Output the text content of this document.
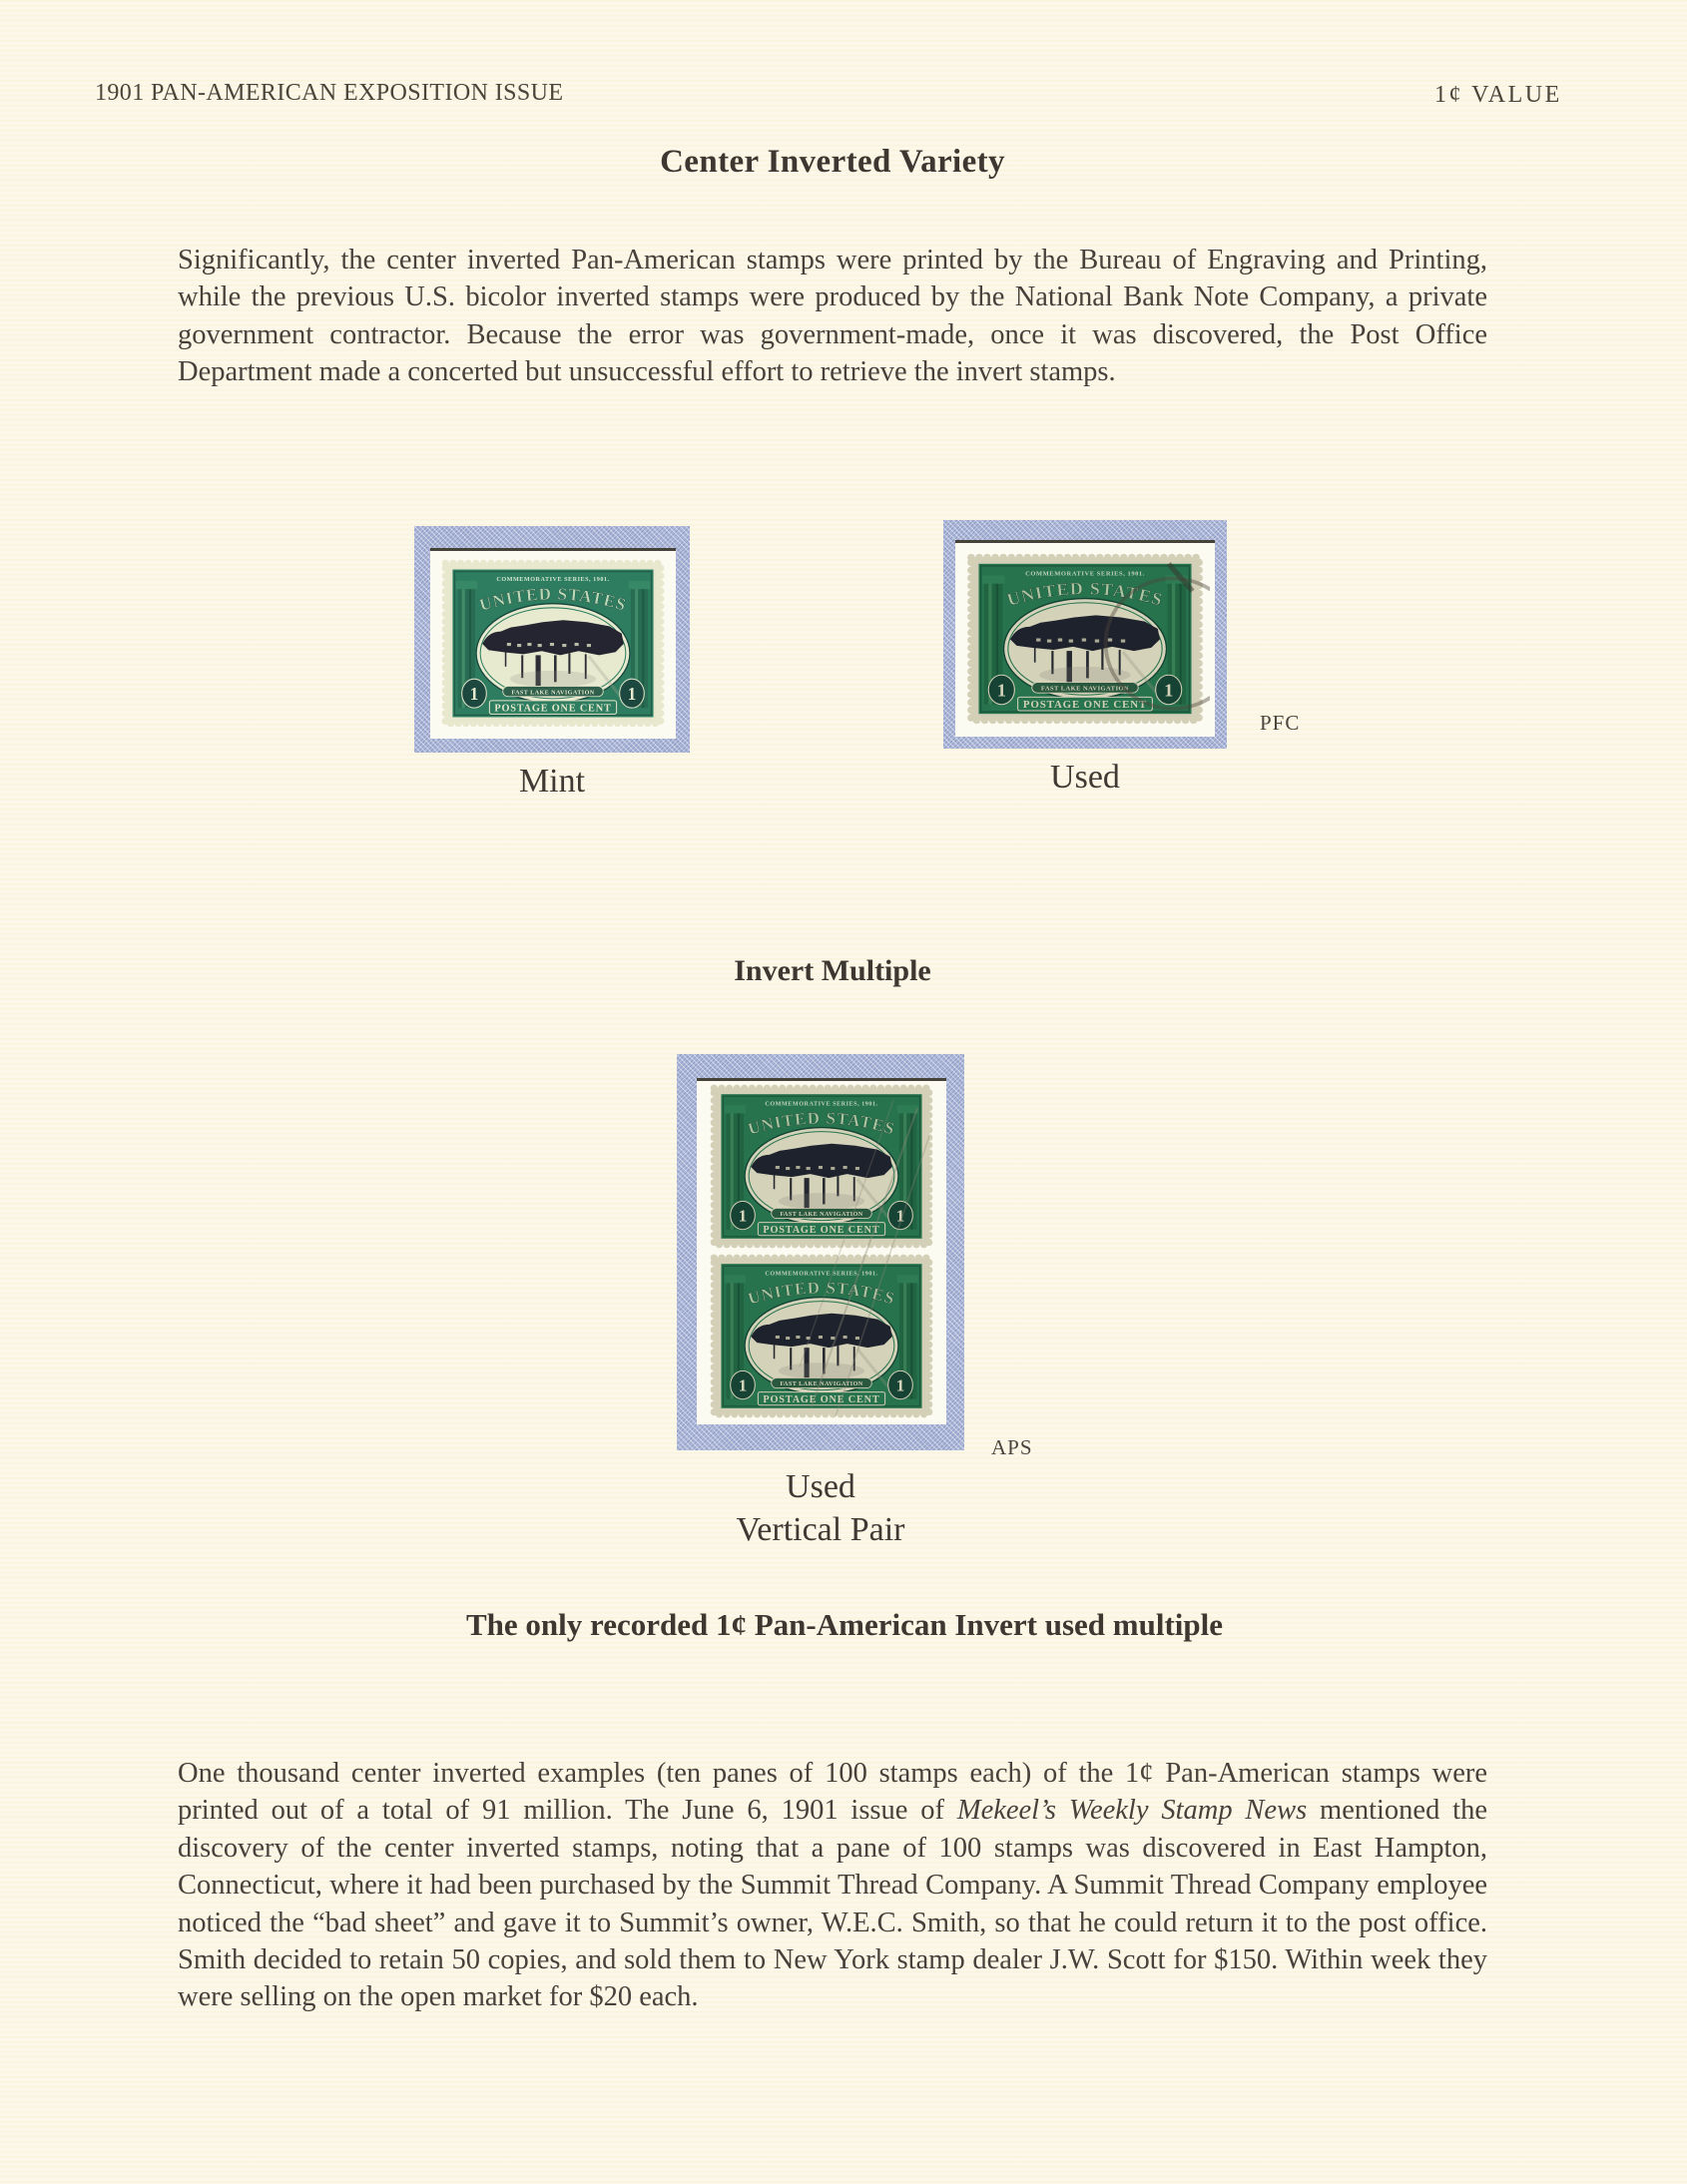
1901 PAN-AMERICAN EXPOSITION ISSUE	1¢ VALUE
Center Inverted Variety
Significantly, the center inverted Pan-American stamps were printed by the Bureau of Engraving and Printing, while the previous U.S. bicolor inverted stamps were produced by the National Bank Note Company, a private government contractor. Because the error was government-made, once it was discovered, the Post Office Department made a concerted but unsuccessful effort to retrieve the invert stamps.
Mint	Used
PFC
Invert Multiple
APS
Used
Vertical Pair
The only recorded 1¢ Pan-American Invert used multiple
One thousand center inverted examples (ten panes of 100 stamps each) of the 1¢ Pan-American stamps were printed out of a total of 91 million. The June 6, 1901 issue of Mekeel’s Weekly Stamp News mentioned the discovery of the center inverted stamps, noting that a pane of 100 stamps was discovered in East Hampton, Connecticut, where it had been purchased by the Summit Thread Company. A Summit Thread Company employee noticed the “bad sheet” and gave it to Summit’s owner, W.E.C. Smith, so that he could return it to the post office. Smith decided to retain 50 copies, and sold them to New York stamp dealer J.W. Scott for $150. Within week they were selling on the open market for $20 each.
